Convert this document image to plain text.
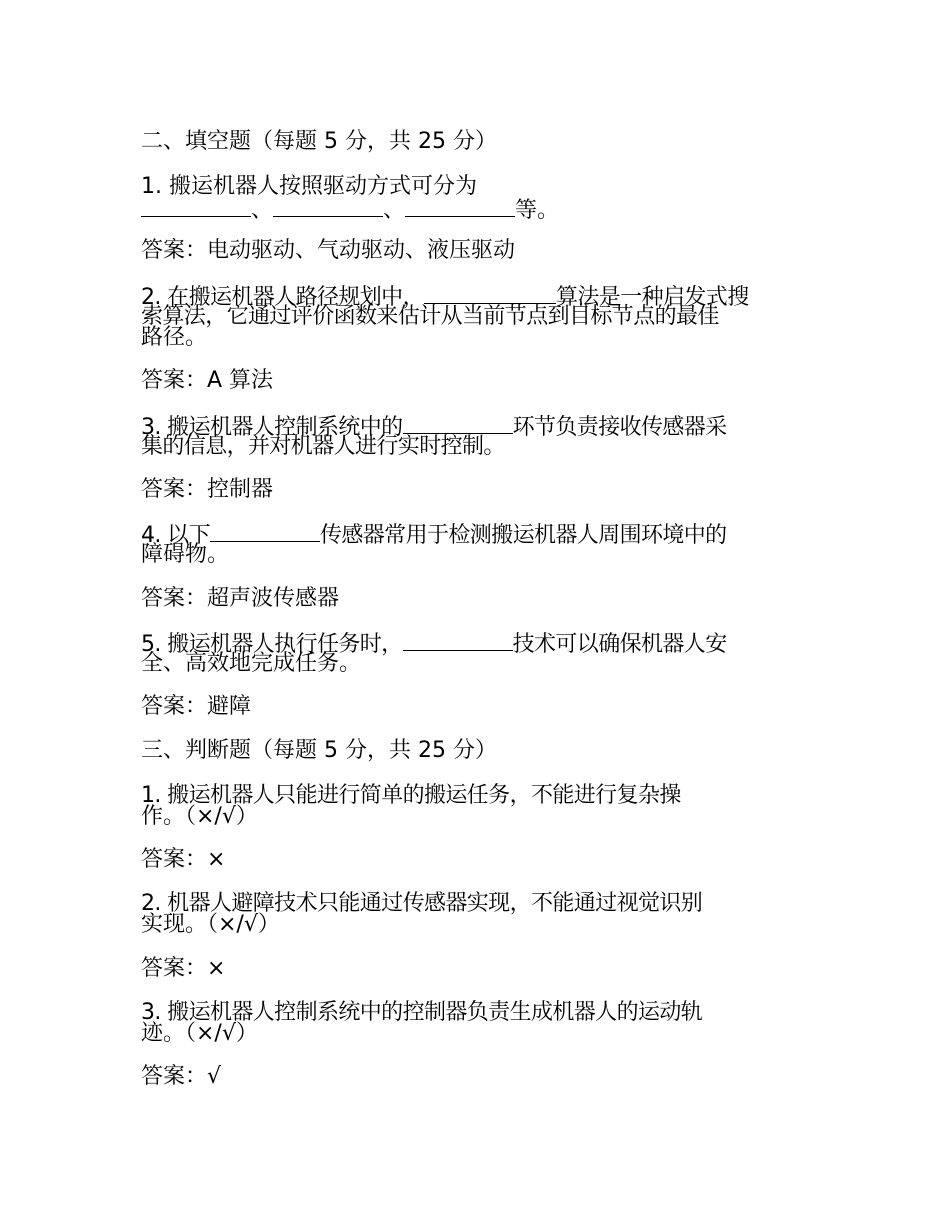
二、填空题（每题 5 分，共 25 分）
1. 搬运机器人按照驱动方式可分为
、	、	等。
答案：电动驱动、气动驱动、液压驱动
2. 在搬运机器人路径规划中，	算法是一种启发式搜
索算法，它通过评价函数来估计从当前节点到目标节点的最佳
路径。
答案：A 算法
3. 搬运机器人控制系统中的	环节负责接收传感器采
集的信息，并对机器人进行实时控制。
答案：控制器
4. 以下	传感器常用于检测搬运机器人周围环境中的
障碍物。
答案：超声波传感器
5. 搬运机器人执行任务时，	技术可以确保机器人安
全、高效地完成任务。
答案：避障
三、判断题（每题 5 分，共 25 分）
1. 搬运机器人只能进行简单的搬运任务，不能进行复杂操
作。（×/√）
答案：×
2. 机器人避障技术只能通过传感器实现，不能通过视觉识别
实现。（×/√）
答案：×
3. 搬运机器人控制系统中的控制器负责生成机器人的运动轨
迹。（×/√）
答案：√
